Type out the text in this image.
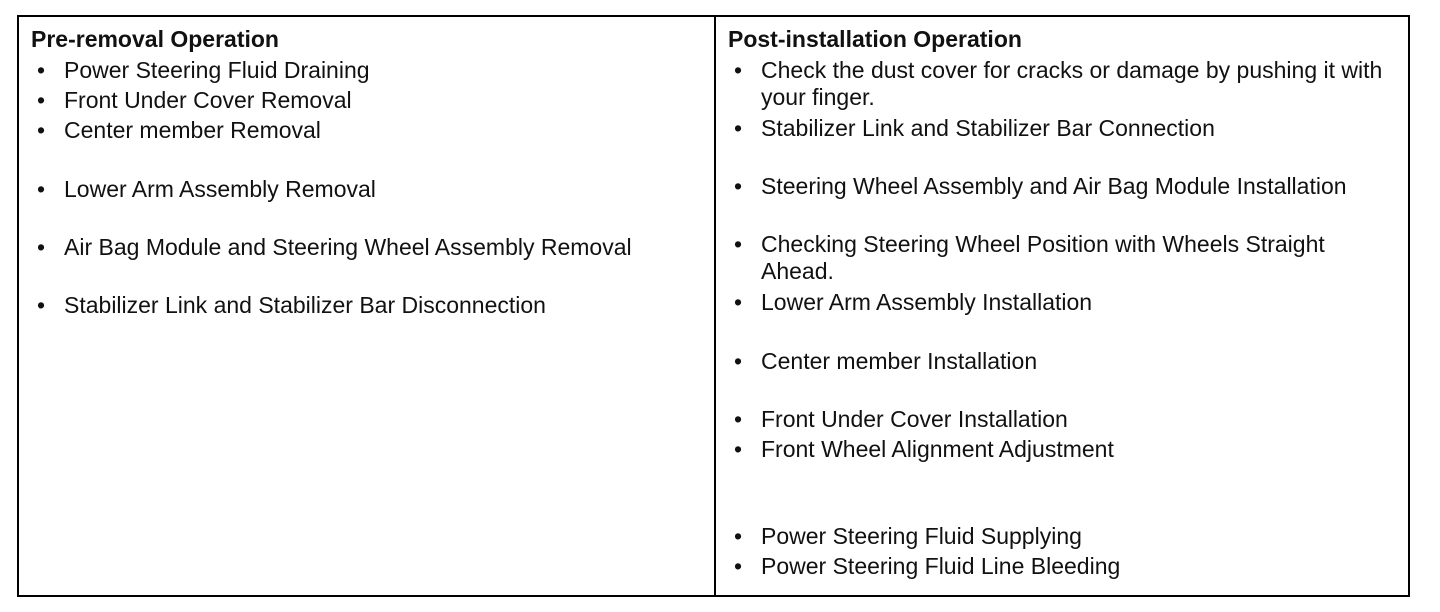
Pre-removal Operation
• Power Steering Fluid Draining
• Front Under Cover Removal
• Center member Removal
• Lower Arm Assembly Removal
• Air Bag Module and Steering Wheel Assembly Removal
• Stabilizer Link and Stabilizer Bar Disconnection
Post-installation Operation
• Check the dust cover for cracks or damage by pushing it with your finger.
• Stabilizer Link and Stabilizer Bar Connection
• Steering Wheel Assembly and Air Bag Module Installation
• Checking Steering Wheel Position with Wheels Straight Ahead.
• Lower Arm Assembly Installation
• Center member Installation
• Front Under Cover Installation
• Front Wheel Alignment Adjustment
• Power Steering Fluid Supplying
• Power Steering Fluid Line Bleeding
